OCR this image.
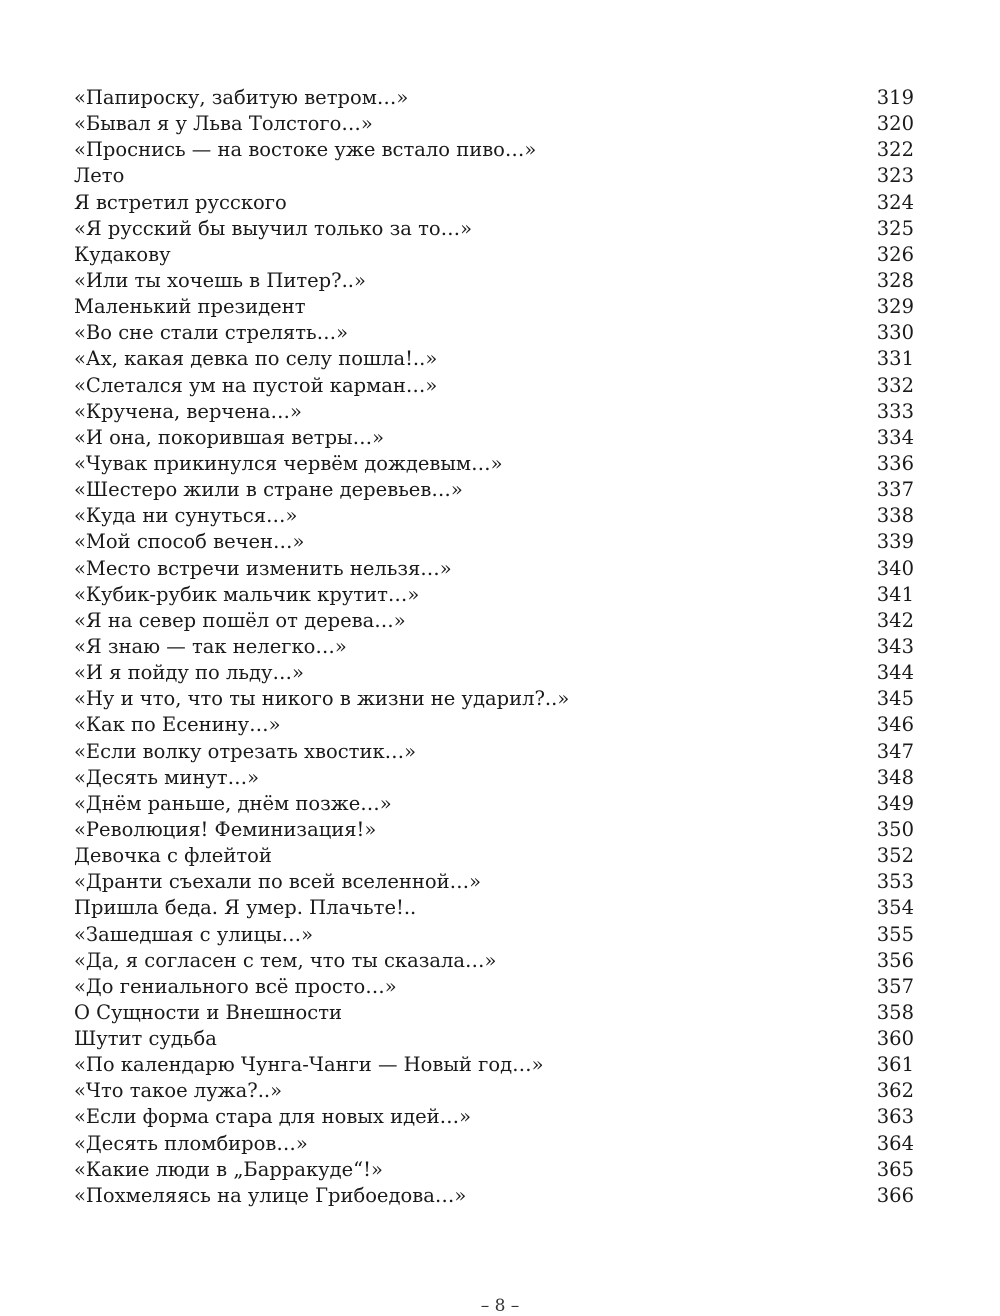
«Папироску, забитую ветром…»	319
«Бывал я у Льва Толстого…»	320
«Проснись — на востоке уже встало пиво…»	322
Лето	323
Я встретил русского	324
«Я русский бы выучил только за то…»	325
Кудакову	326
«Или ты хочешь в Питер?..»	328
Маленький президент	329
«Во сне стали стрелять…»	330
«Ах, какая девка по селу пошла!..»	331
«Слетался ум на пустой карман…»	332
«Кручена, верчена…»	333
«И она, покорившая ветры…»	334
«Чувак прикинулся червём дождевым…»	336
«Шестеро жили в стране деревьев…»	337
«Куда ни сунуться…»	338
«Мой способ вечен…»	339
«Место встречи изменить нельзя…»	340
«Кубик-рубик мальчик крутит…»	341
«Я на север пошёл от дерева…»	342
«Я знаю — так нелегко…»	343
«И я пойду по льду…»	344
«Ну и что, что ты никого в жизни не ударил?..»	345
«Как по Есенину…»	346
«Если волку отрезать хвостик…»	347
«Десять минут…»	348
«Днём раньше, днём позже…»	349
«Революция! Феминизация!»	350
Девочка с флейтой	352
«Дранти съехали по всей вселенной…»	353
Пришла беда. Я умер. Плачьте!..	354
«Зашедшая с улицы…»	355
«Да, я согласен с тем, что ты сказала…»	356
«До гениального всё просто…»	357
О Сущности и Внешности	358
Шутит судьба	360
«По календарю Чунга-Чанги — Новый год…»	361
«Что такое лужа?..»	362
«Если форма стара для новых идей…»	363
«Десять пломбиров…»	364
«Какие люди в „Барракуде“!»	365
«Похмеляясь на улице Грибоедова…»	366
– 8 –
